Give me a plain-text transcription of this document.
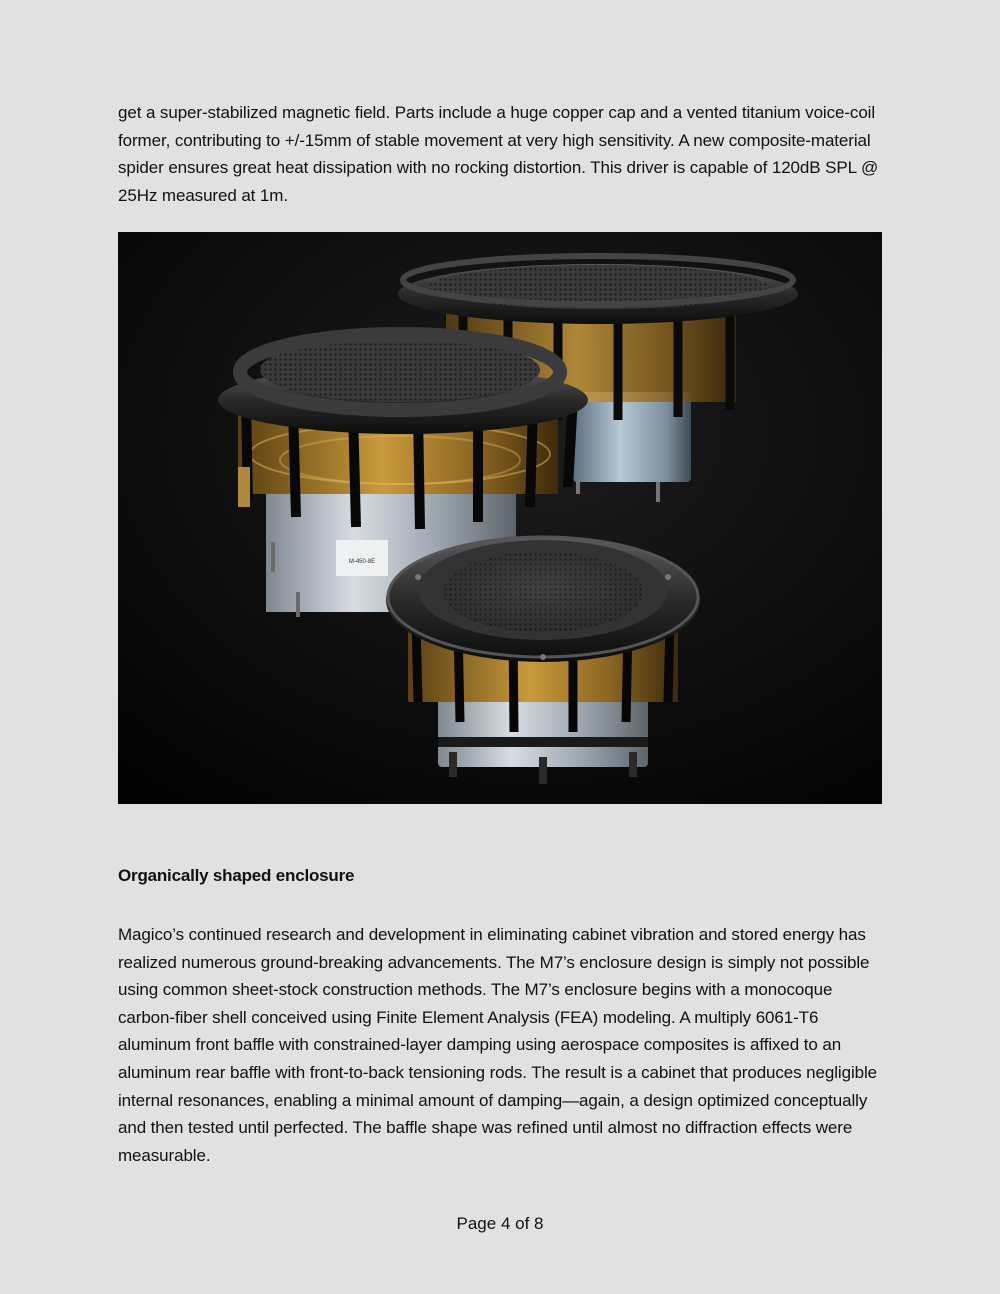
get a super-stabilized magnetic field. Parts include a huge copper cap and a vented titanium voice-coil former, contributing to +/-15mm of stable movement at very high sensitivity. A new composite-material spider ensures great heat dissipation with no rocking distortion. This driver is capable of 120dB SPL @ 25Hz measured at 1m.

M-450-8E
Organically shaped enclosure

Magico’s continued research and development in eliminating cabinet vibration and stored energy has realized numerous ground-breaking advancements. The M7’s enclosure design is simply not possible using common sheet-stock construction methods. The M7’s enclosure begins with a monocoque carbon-fiber shell conceived using Finite Element Analysis (FEA) modeling. A multiply 6061-T6 aluminum front baffle with constrained-layer damping using aerospace composites is affixed to an aluminum rear baffle with front-to-back tensioning rods. The result is a cabinet that produces negligible internal resonances, enabling a minimal amount of damping—again, a design optimized conceptually and then tested until perfected. The baffle shape was refined until almost no diffraction effects were measurable.

Page 4 of 8
